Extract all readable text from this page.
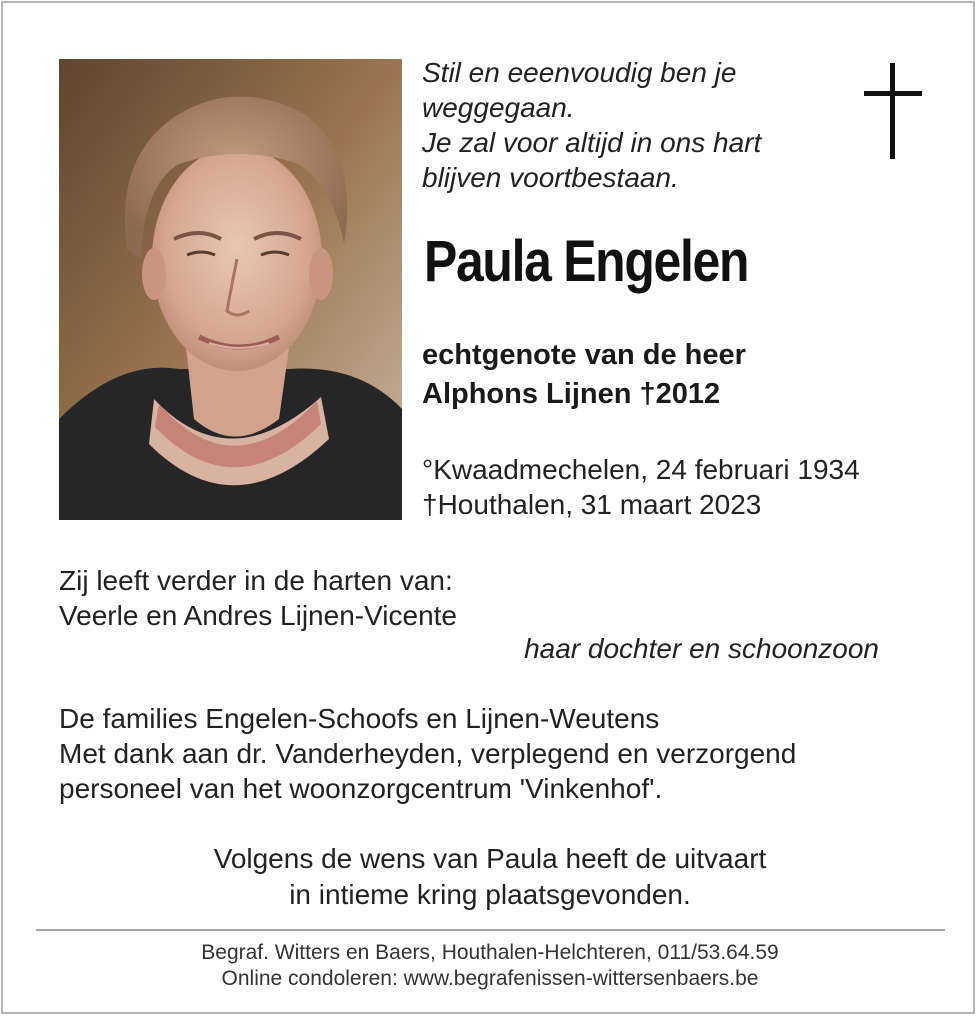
Stil en eeenvoudig ben je
weggegaan.
Je zal voor altijd in ons hart
blijven voortbestaan.
Paula Engelen
echtgenote van de heer
Alphons Lijnen †2012
°Kwaadmechelen, 24 februari 1934
†Houthalen, 31 maart 2023
Zij leeft verder in de harten van:
Veerle en Andres Lijnen-Vicente
haar dochter en schoonzoon
De families Engelen-Schoofs en Lijnen-Weutens
Met dank aan dr. Vanderheyden, verplegend en verzorgend
personeel van het woonzorgcentrum 'Vinkenhof'.
Volgens de wens van Paula heeft de uitvaart
in intieme kring plaatsgevonden.
Begraf. Witters en Baers, Houthalen-Helchteren, 011/53.64.59
Online condoleren: www.begrafenissen-wittersenbaers.be
